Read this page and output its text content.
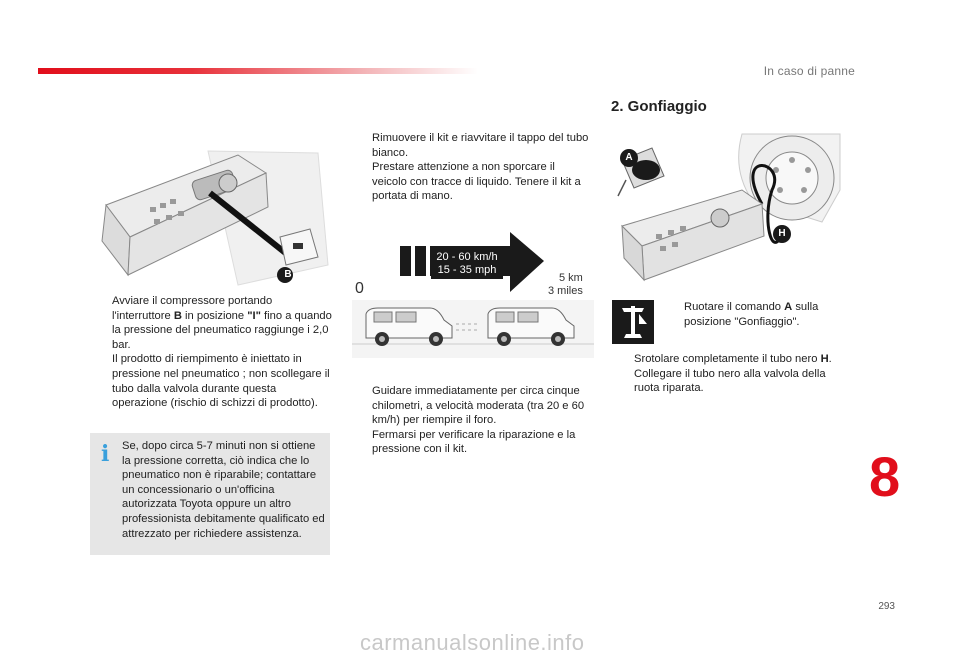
In caso di panne
2. Gonfiaggio
B
Avviare il compressore portando l'interruttore B in posizione "I" fino a quando la pressione del pneumatico raggiunge i 2,0 bar.
Il prodotto di riempimento è iniettato in pressione nel pneumatico ; non scollegare il tubo dalla valvola durante questa operazione (rischio di schizzi di prodotto).
i Se, dopo circa 5-7 minuti non si ottiene la pressione corretta, ciò indica che lo pneumatico non è riparabile; contattare un concessionario o un'officina autorizzata Toyota oppure un altro professionista debitamente qualificato ed attrezzato per richiedere assistenza.
Rimuovere il kit e riavvitare il tappo del tubo bianco.
Prestare attenzione a non sporcare il veicolo con tracce di liquido. Tenere il kit a portata di mano.
20 - 60 km/h
15 - 35 mph
0
5 km
3 miles
Guidare immediatamente per circa cinque chilometri, a velocità moderata (tra 20 e 60 km/h) per riempire il foro.
Fermarsi per verificare la riparazione e la pressione con il kit.
A
H
Ruotare il comando A sulla posizione "Gonfiaggio".
Srotolare completamente il tubo nero H.
Collegare il tubo nero alla valvola della ruota riparata.
8
293
carmanualsonline.info
